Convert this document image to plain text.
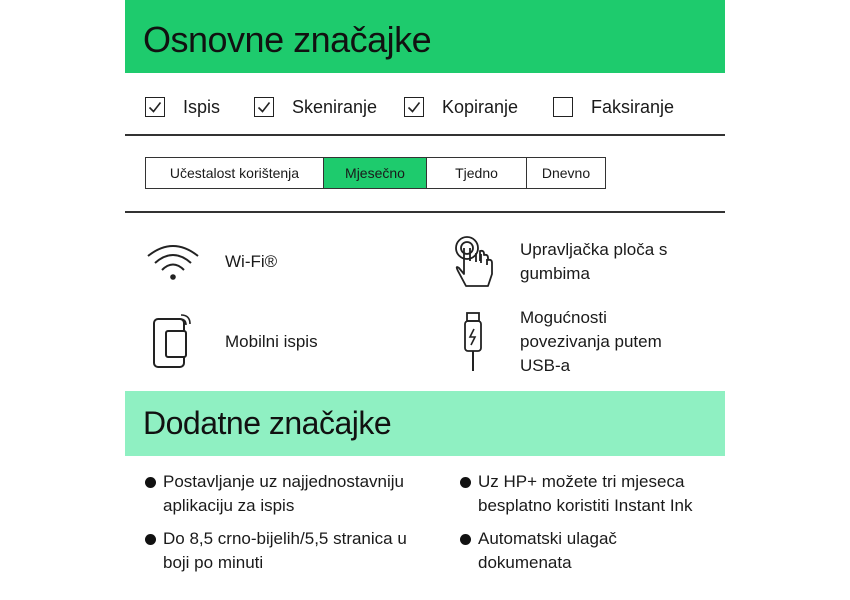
Osnovne značajke
Ispis	Skeniranje	Kopiranje	Faksiranje
Učestalost korištenja	Mjesečno	Tjedno	Dnevno
Wi-Fi®
Upravljačka ploča s gumbima
Mobilni ispis
Mogućnosti povezivanja putem USB-a
Dodatne značajke
Postavljanje uz najjednostavniju aplikaciju za ispis
Uz HP+ možete tri mjeseca besplatno koristiti Instant Ink
Do 8,5 crno-bijelih/5,5 stranica u boji po minuti
Automatski ulagač dokumenata
